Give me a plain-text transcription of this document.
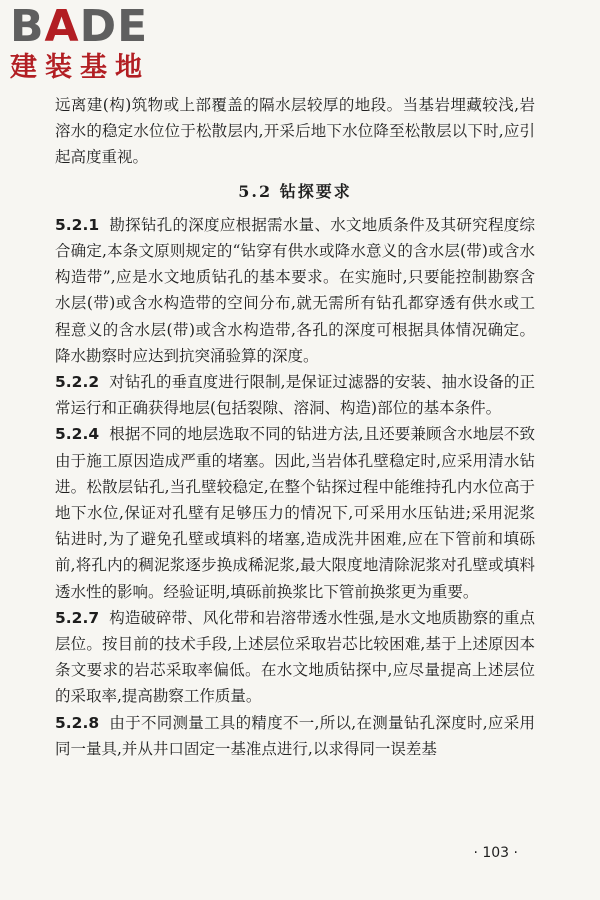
BADE
建装基地

远离建(构)筑物或上部覆盖的隔水层较厚的地段。当基岩埋藏较浅,岩溶水的稳定水位位于松散层内,开采后地下水位降至松散层以下时,应引起高度重视。

5.2 钻探要求

5.2.1 勘探钻孔的深度应根据需水量、水文地质条件及其研究程度综合确定,本条文原则规定的“钻穿有供水或降水意义的含水层(带)或含水构造带”,应是水文地质钻孔的基本要求。在实施时,只要能控制勘察含水层(带)或含水构造带的空间分布,就无需所有钻孔都穿透有供水或工程意义的含水层(带)或含水构造带,各孔的深度可根据具体情况确定。降水勘察时应达到抗突涌验算的深度。

5.2.2 对钻孔的垂直度进行限制,是保证过滤器的安装、抽水设备的正常运行和正确获得地层(包括裂隙、溶洞、构造)部位的基本条件。

5.2.4 根据不同的地层选取不同的钻进方法,且还要兼顾含水地层不致由于施工原因造成严重的堵塞。因此,当岩体孔壁稳定时,应采用清水钻进。松散层钻孔,当孔壁较稳定,在整个钻探过程中能维持孔内水位高于地下水位,保证对孔壁有足够压力的情况下,可采用水压钻进;采用泥浆钻进时,为了避免孔壁或填料的堵塞,造成洗井困难,应在下管前和填砾前,将孔内的稠泥浆逐步换成稀泥浆,最大限度地清除泥浆对孔壁或填料透水性的影响。经验证明,填砾前换浆比下管前换浆更为重要。

5.2.7 构造破碎带、风化带和岩溶带透水性强,是水文地质勘察的重点层位。按目前的技术手段,上述层位采取岩芯比较困难,基于上述原因本条文要求的岩芯采取率偏低。在水文地质钻探中,应尽量提高上述层位的采取率,提高勘察工作质量。

5.2.8 由于不同测量工具的精度不一,所以,在测量钻孔深度时,应采用同一量具,并从井口固定一基准点进行,以求得同一误差基

· 103 ·
